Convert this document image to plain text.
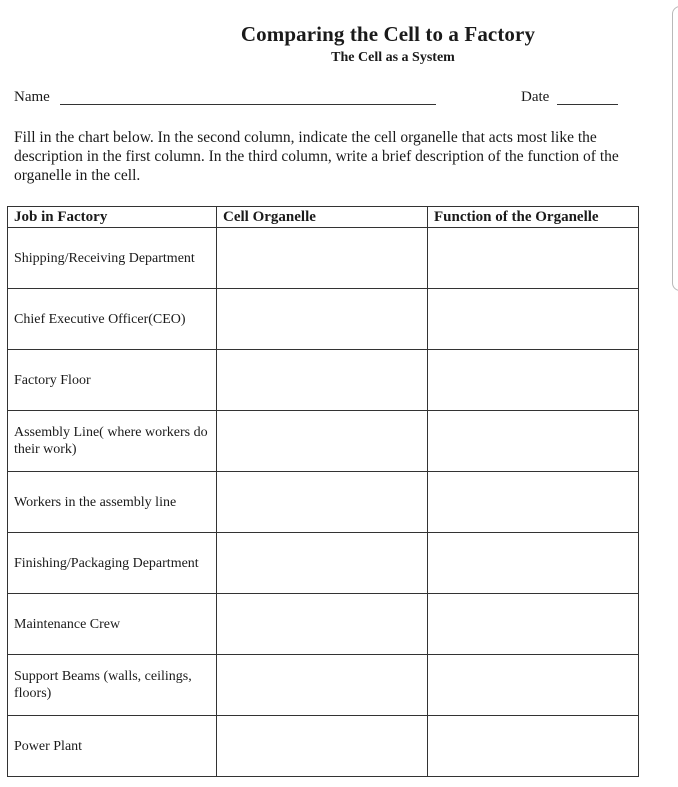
Comparing the Cell to a Factory
The Cell as a System
Name	Date
Fill in the chart below. In the second column, indicate the cell organelle that acts most like the description in the first column. In the third column, write a brief description of the function of the organelle in the cell.
Job in Factory	Cell Organelle	Function of the Organelle
Shipping/Receiving Department		
Chief Executive Officer(CEO)		
Factory Floor		
Assembly Line( where workers do their work)		
Workers in the assembly line		
Finishing/Packaging Department		
Maintenance Crew		
Support Beams (walls, ceilings, floors)		
Power Plant		
